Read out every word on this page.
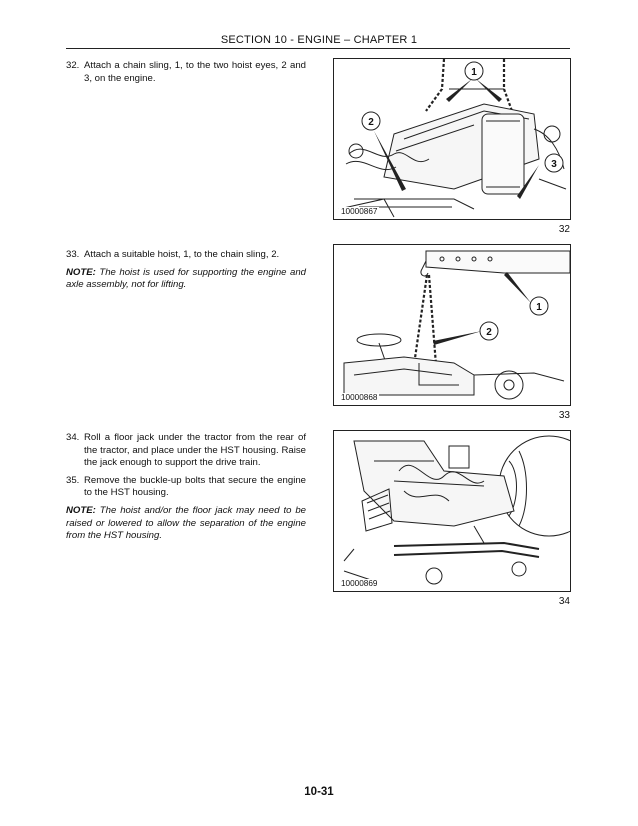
SECTION 10 - ENGINE – CHAPTER 1

32. Attach a chain sling, 1, to the two hoist eyes, 2 and 3, on the engine.

33. Attach a suitable hoist, 1, to the chain sling, 2.

NOTE: The hoist is used for supporting the engine and axle assembly, not for lifting.

34. Roll a floor jack under the tractor from the rear of the tractor, and place under the HST housing. Raise the jack enough to support the drive train.

35. Remove the buckle-up bolts that secure the engine to the HST housing.

NOTE: The hoist and/or the floor jack may need to be raised or lowered to allow the separation of the engine from the HST housing.

1
2
3
10000867
32
1
2
10000868
33
10000869
34
10-31
